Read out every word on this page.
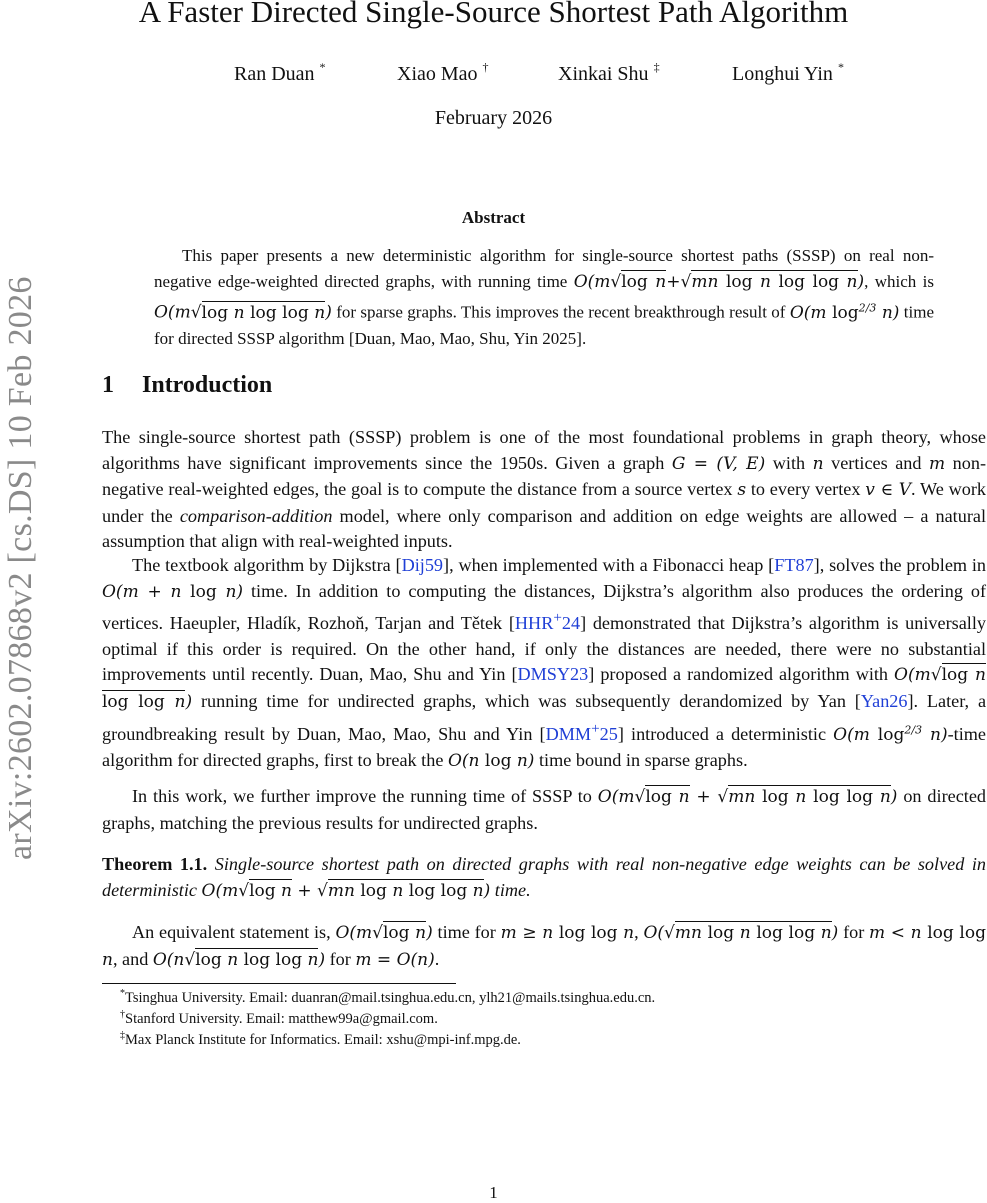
arXiv:2602.07868v2 [cs.DS] 10 Feb 2026
A Faster Directed Single-Source Shortest Path Algorithm
Ran Duan *	Xiao Mao †	Xinkai Shu ‡	Longhui Yin *
February 2026
Abstract

This paper presents a new deterministic algorithm for single-source shortest paths (SSSP) on real non-negative edge-weighted directed graphs, with running time O(m√log n+√mn log n log log n), which is O(m√log n log log n) for sparse graphs. This improves the recent breakthrough result of O(m $\log^{2/3} n$) time for directed SSSP algorithm [Duan, Mao, Mao, Shu, Yin 2025].

1 Introduction

The single-source shortest path (SSSP) problem is one of the most foundational problems in graph theory, whose algorithms have significant improvements since the 1950s. Given a graph G = (V, E) with n vertices and m non-negative real-weighted edges, the goal is to compute the distance from a source vertex s to every vertex v ∈ V. We work under the comparison-addition model, where only comparison and addition on edge weights are allowed – a natural assumption that align with real-weighted inputs.

The textbook algorithm by Dijkstra [Dij59], when implemented with a Fibonacci heap [FT87], solves the problem in O(m + n log n) time. In addition to computing the distances, Dijkstra’s algorithm also produces the ordering of vertices. Haeupler, Hladík, Rozhoň, Tarjan and Tětek [HHR+24] demonstrated that Dijkstra’s algorithm is universally optimal if this order is required. On the other hand, if only the distances are needed, there were no substantial improvements until recently. Duan, Mao, Shu and Yin [DMSY23] proposed a randomized algorithm with O(m√log n log log n) running time for undirected graphs, which was subsequently derandomized by Yan [Yan26]. Later, a groundbreaking result by Duan, Mao, Mao, Shu and Yin [DMM+25] introduced a deterministic O(m $\log^{2/3}$ n)-time algorithm for directed graphs, first to break the O(n log n) time bound in sparse graphs.

In this work, we further improve the running time of SSSP to O(m√log n + √mn log n log log n) on directed graphs, matching the previous results for undirected graphs.

Theorem 1.1. Single-source shortest path on directed graphs with real non-negative edge weights can be solved in deterministic O(m√log n + √mn log n log log n) time.

An equivalent statement is, O(m√log n) time for m ≥ n log log n, O(√mn log n log log n) for m < n log log n, and O(n√log n log log n) for m = O(n).

*Tsinghua University. Email: duanran@mail.tsinghua.edu.cn, ylh21@mails.tsinghua.edu.cn.
†Stanford University. Email: matthew99a@gmail.com.
‡Max Planck Institute for Informatics. Email: xshu@mpi-inf.mpg.de.
1
